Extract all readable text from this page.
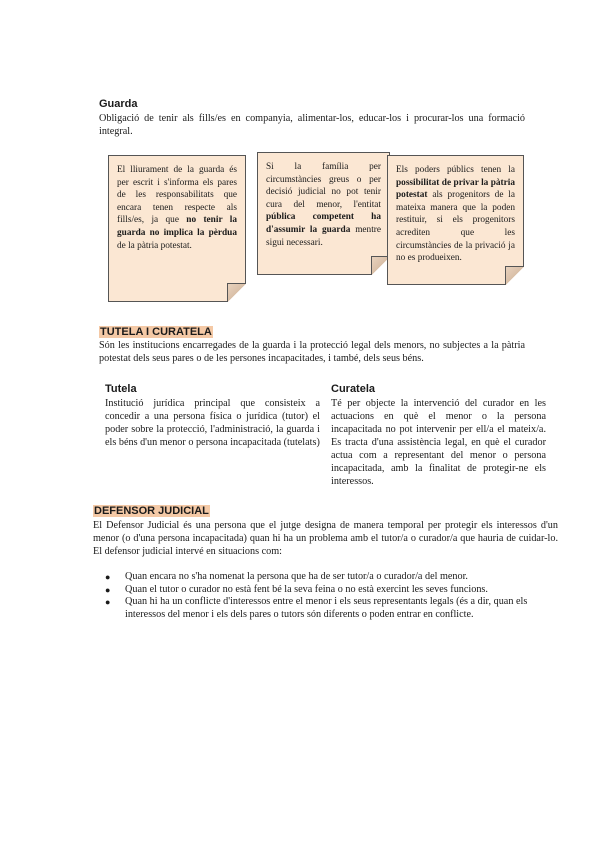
Guarda
Obligació de tenir als fills/es en companyia, alimentar-los, educar-los i procurar-los una formació integral.
El lliurament de la guarda és per escrit i s'informa els pares de les responsabilitats que encara tenen respecte als fills/es, ja que no tenir la guarda no implica la pèrdua de la pàtria potestat.
Si la família per circumstàncies greus o per decisió judicial no pot tenir cura del menor, l'entitat pública competent ha d'assumir la guarda mentre sigui necessari.
Els poders públics tenen la possibilitat de privar la pàtria potestat als progenitors de la mateixa manera que la poden restituir, si els progenitors acrediten que les circumstàncies de la privació ja no es produeixen.
TUTELA I CURATELA
Són les institucions encarregades de la guarda i la protecció legal dels menors, no subjectes a la pàtria potestat dels seus pares o de les persones incapacitades, i també, dels seus béns.
Tutela
Institució jurídica principal que consisteix a concedir a una persona física o jurídica (tutor) el poder sobre la protecció, l'administració, la guarda i els béns d'un menor o persona incapacitada (tutelats)
Curatela
Té per objecte la intervenció del curador en les actuacions en què el menor o la persona incapacitada no pot intervenir per ell/a el mateix/a. Es tracta d'una assistència legal, en què el curador actua com a representant del menor o persona incapacitada, amb la finalitat de protegir-ne els interessos.
DEFENSOR JUDICIAL
El Defensor Judicial és una persona que el jutge designa de manera temporal per protegir els interessos d'un menor (o d'una persona incapacitada) quan hi ha un problema amb el tutor/a o curador/a que hauria de cuidar-lo. El defensor judicial intervé en situacions com:
● Quan encara no s'ha nomenat la persona que ha de ser tutor/a o curador/a del menor.
● Quan el tutor o curador no està fent bé la seva feina o no està exercint les seves funcions.
● Quan hi ha un conflicte d'interessos entre el menor i els seus representants legals (és a dir, quan els interessos del menor i els dels pares o tutors són diferents o poden entrar en conflicte.
